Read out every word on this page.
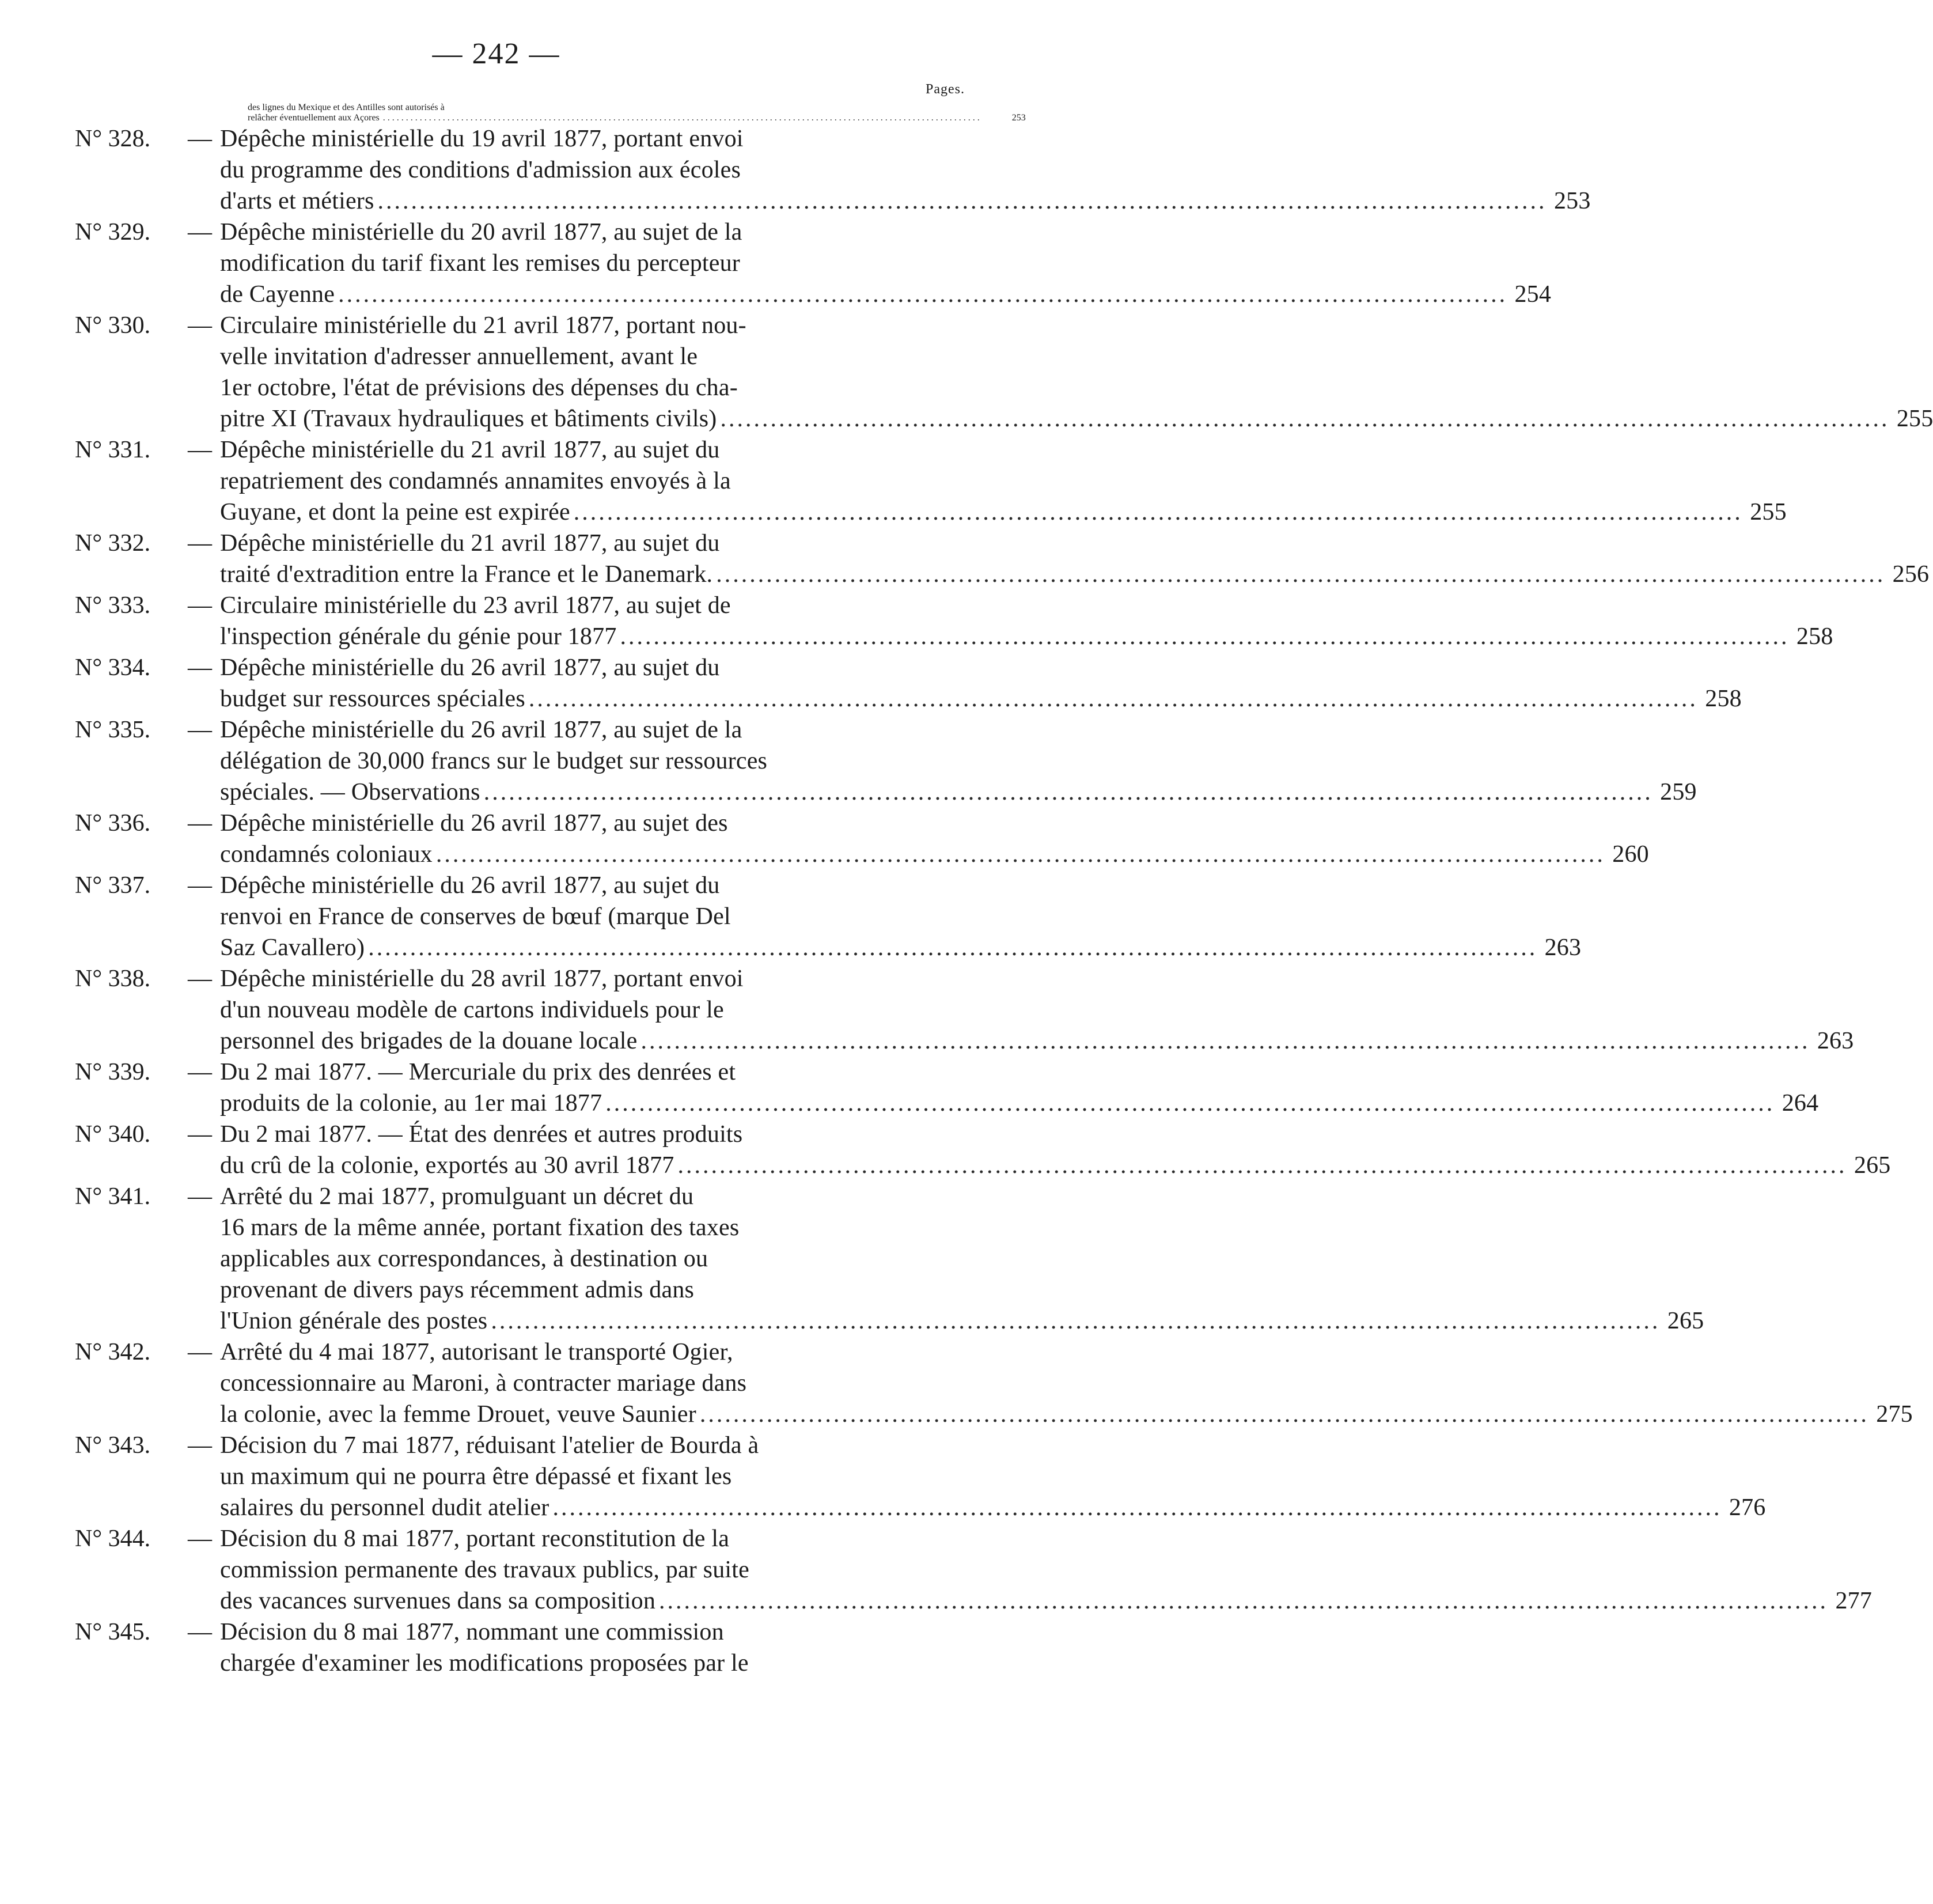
— 242 —
Pages.
des lignes du Mexique et des Antilles sont autorisés à
relâcher éventuellement aux Açores ..................................................................................................................................	253
N° 328.	— Dépêche ministérielle du 19 avril 1877, portant envoi
du programme des conditions d'admission aux écoles
d'arts et métiers ............................................................................................................................................ 253
N° 329.	— Dépêche ministérielle du 20 avril 1877, au sujet de la
modification du tarif fixant les remises du percepteur
de Cayenne ............................................................................................................................................ 254
N° 330.	— Circulaire ministérielle du 21 avril 1877, portant nou-
velle invitation d'adresser annuellement, avant le
1er octobre, l'état de prévisions des dépenses du cha-
pitre XI (Travaux hydrauliques et bâtiments civils) ............................................................................................................................................ 255
N° 331.	— Dépêche ministérielle du 21 avril 1877, au sujet du
repatriement des condamnés annamites envoyés à la
Guyane, et dont la peine est expirée ............................................................................................................................................ 255
N° 332.	— Dépêche ministérielle du 21 avril 1877, au sujet du
traité d'extradition entre la France et le Danemark. ............................................................................................................................................ 256
N° 333.	— Circulaire ministérielle du 23 avril 1877, au sujet de
l'inspection générale du génie pour 1877 ............................................................................................................................................ 258
N° 334.	— Dépêche ministérielle du 26 avril 1877, au sujet du
budget sur ressources spéciales ............................................................................................................................................ 258
N° 335.	— Dépêche ministérielle du 26 avril 1877, au sujet de la
délégation de 30,000 francs sur le budget sur ressources
spéciales. — Observations ............................................................................................................................................ 259
N° 336.	— Dépêche ministérielle du 26 avril 1877, au sujet des
condamnés coloniaux ............................................................................................................................................ 260
N° 337.	— Dépêche ministérielle du 26 avril 1877, au sujet du
renvoi en France de conserves de bœuf (marque Del
Saz Cavallero) ............................................................................................................................................ 263
N° 338.	— Dépêche ministérielle du 28 avril 1877, portant envoi
d'un nouveau modèle de cartons individuels pour le
personnel des brigades de la douane locale ............................................................................................................................................ 263
N° 339.	— Du 2 mai 1877. — Mercuriale du prix des denrées et
produits de la colonie, au 1er mai 1877 ............................................................................................................................................ 264
N° 340.	— Du 2 mai 1877. — État des denrées et autres produits
du crû de la colonie, exportés au 30 avril 1877 ............................................................................................................................................ 265
N° 341.	— Arrêté du 2 mai 1877, promulguant un décret du
16 mars de la même année, portant fixation des taxes
applicables aux correspondances, à destination ou
provenant de divers pays récemment admis dans
l'Union générale des postes ............................................................................................................................................ 265
N° 342.	— Arrêté du 4 mai 1877, autorisant le transporté Ogier,
concessionnaire au Maroni, à contracter mariage dans
la colonie, avec la femme Drouet, veuve Saunier ............................................................................................................................................ 275
N° 343.	— Décision du 7 mai 1877, réduisant l'atelier de Bourda à
un maximum qui ne pourra être dépassé et fixant les
salaires du personnel dudit atelier ............................................................................................................................................ 276
N° 344.	— Décision du 8 mai 1877, portant reconstitution de la
commission permanente des travaux publics, par suite
des vacances survenues dans sa composition ............................................................................................................................................ 277
N° 345.	— Décision du 8 mai 1877, nommant une commission
chargée d'examiner les modifications proposées par le
